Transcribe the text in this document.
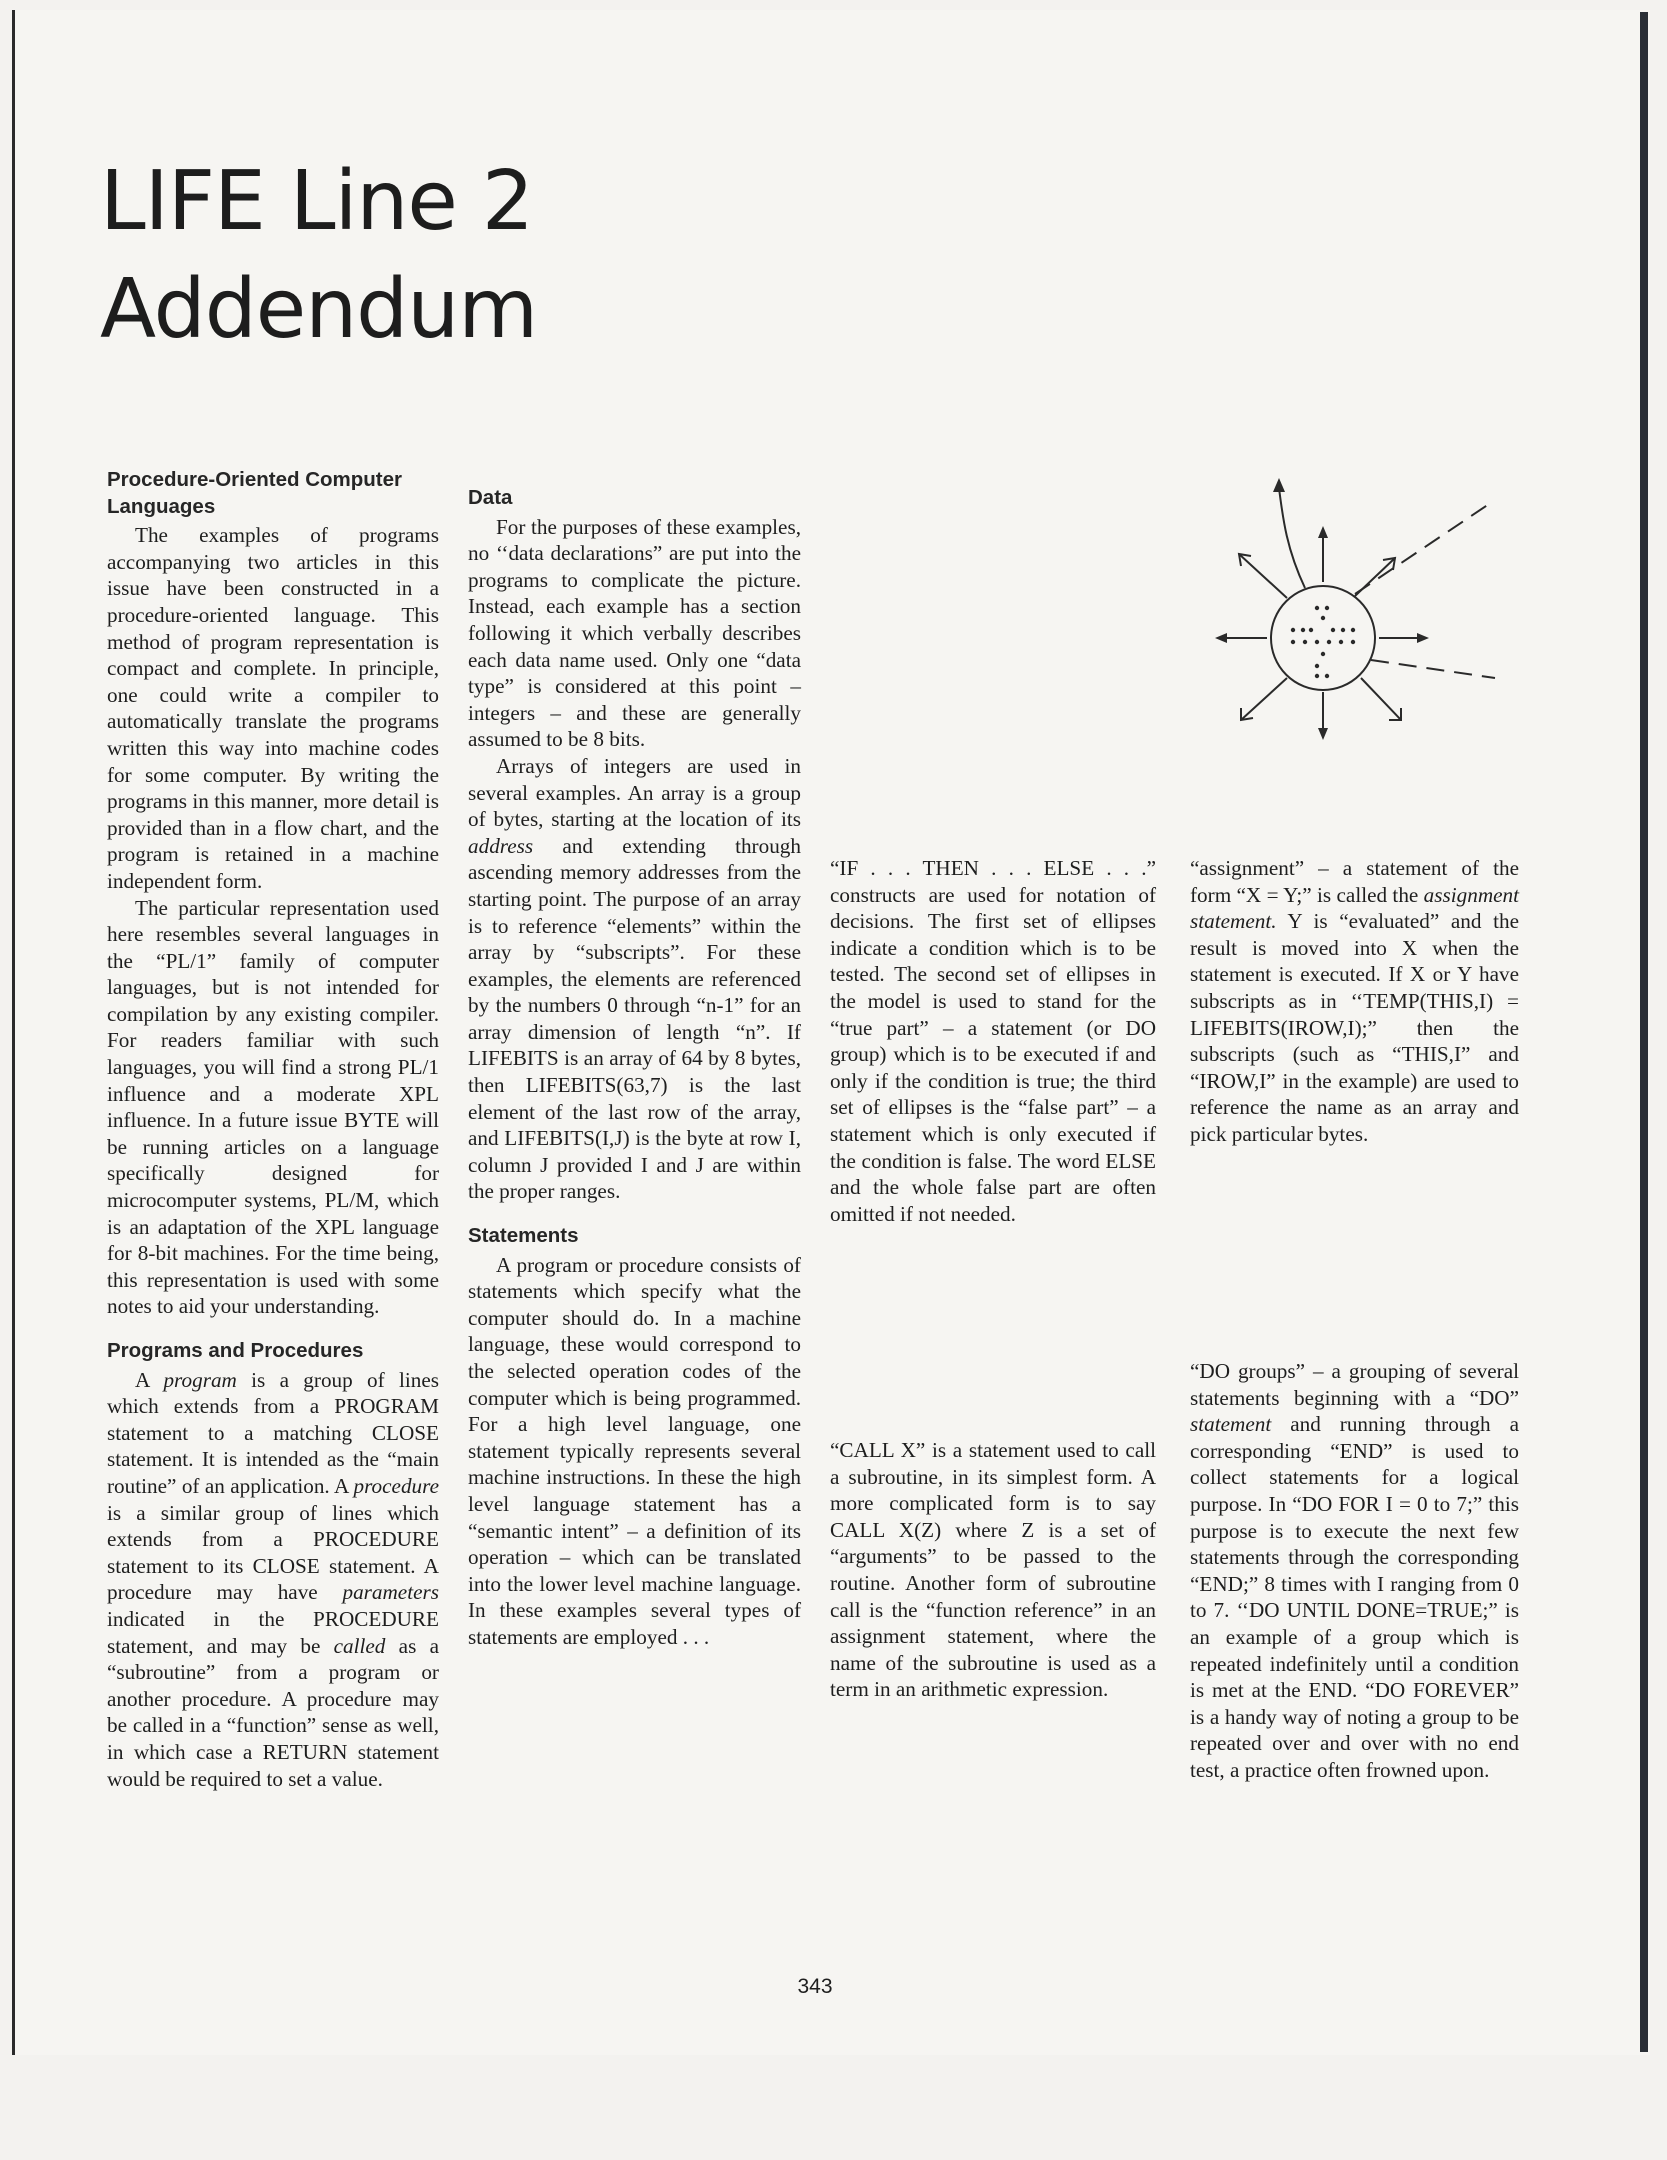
LIFE Line 2
Addendum
Procedure-Oriented Computer Languages

The examples of programs accompanying two articles in this issue have been constructed in a procedure-oriented language. This method of program representation is compact and complete. In principle, one could write a compiler to automatically translate the programs written this way into machine codes for some computer. By writing the programs in this manner, more detail is provided than in a flow chart, and the program is retained in a machine independent form.

The particular representation used here resembles several languages in the “PL/1” family of computer languages, but is not intended for compilation by any existing compiler. For readers familiar with such languages, you will find a strong PL/1 influence and a moderate XPL influence. In a future issue BYTE will be running articles on a language specifically designed for microcomputer systems, PL/M, which is an adaptation of the XPL language for 8-bit machines. For the time being, this representation is used with some notes to aid your understanding.

Programs and Procedures

A program is a group of lines which extends from a PROGRAM statement to a matching CLOSE statement. It is intended as the “main routine” of an application. A procedure is a similar group of lines which extends from a PROCEDURE statement to its CLOSE statement. A procedure may have parameters indicated in the PROCEDURE statement, and may be called as a “subroutine” from a program or another procedure. A procedure may be called in a “function” sense as well, in which case a RETURN statement would be required to set a value.

Data

For the purposes of these examples, no ‘‘data declarations” are put into the programs to complicate the picture. Instead, each example has a section following it which verbally describes each data name used. Only one “data type” is considered at this point – integers – and these are generally assumed to be 8 bits.

Arrays of integers are used in several examples. An array is a group of bytes, starting at the location of its address and extending through ascending memory addresses from the starting point. The purpose of an array is to reference “elements” within the array by “subscripts”. For these examples, the elements are referenced by the numbers 0 through “n-1” for an array dimension of length “n”. If LIFEBITS is an array of 64 by 8 bytes, then LIFEBITS(63,7) is the last element of the last row of the array, and LIFEBITS(I,J) is the byte at row I, column J provided I and J are within the proper ranges.

Statements

A program or procedure consists of statements which specify what the computer should do. In a machine language, these would correspond to the selected operation codes of the computer which is being programmed. For a high level language, one statement typically represents several machine instructions. In these the high level language statement has a “semantic intent” – a definition of its operation – which can be translated into the lower level machine language. In these examples several types of statements are employed . . .

“IF . . . THEN . . . ELSE . . .” constructs are used for notation of decisions. The first set of ellipses indicate a condition which is to be tested. The second set of ellipses in the model is used to stand for the “true part” – a statement (or DO group) which is to be executed if and only if the condition is true; the third set of ellipses is the “false part” – a statement which is only executed if the condition is false. The word ELSE and the whole false part are often omitted if not needed.

“CALL X” is a statement used to call a subroutine, in its simplest form. A more complicated form is to say CALL X(Z) where Z is a set of “arguments” to be passed to the routine. Another form of subroutine call is the “function reference” in an assignment statement, where the name of the subroutine is used as a term in an arithmetic expression.

“assignment” – a statement of the form “X = Y;” is called the assignment statement. Y is “evaluated” and the result is moved into X when the statement is executed. If X or Y have subscripts as in ‘‘TEMP(THIS,I) = LIFEBITS(IROW,I);” then the subscripts (such as “THIS,I” and “IROW,I” in the example) are used to reference the name as an array and pick particular bytes.

“DO groups” – a grouping of several statements beginning with a “DO” statement and running through a corresponding “END” is used to collect statements for a logical purpose. In “DO FOR I = 0 to 7;” this purpose is to execute the next few statements through the corresponding “END;” 8 times with I ranging from 0 to 7. ‘‘DO UNTIL DONE=TRUE;” is an example of a group which is repeated indefinitely until a condition is met at the END. “DO FOREVER” is a handy way of noting a group to be repeated over and over with no end test, a practice often frowned upon.

343
